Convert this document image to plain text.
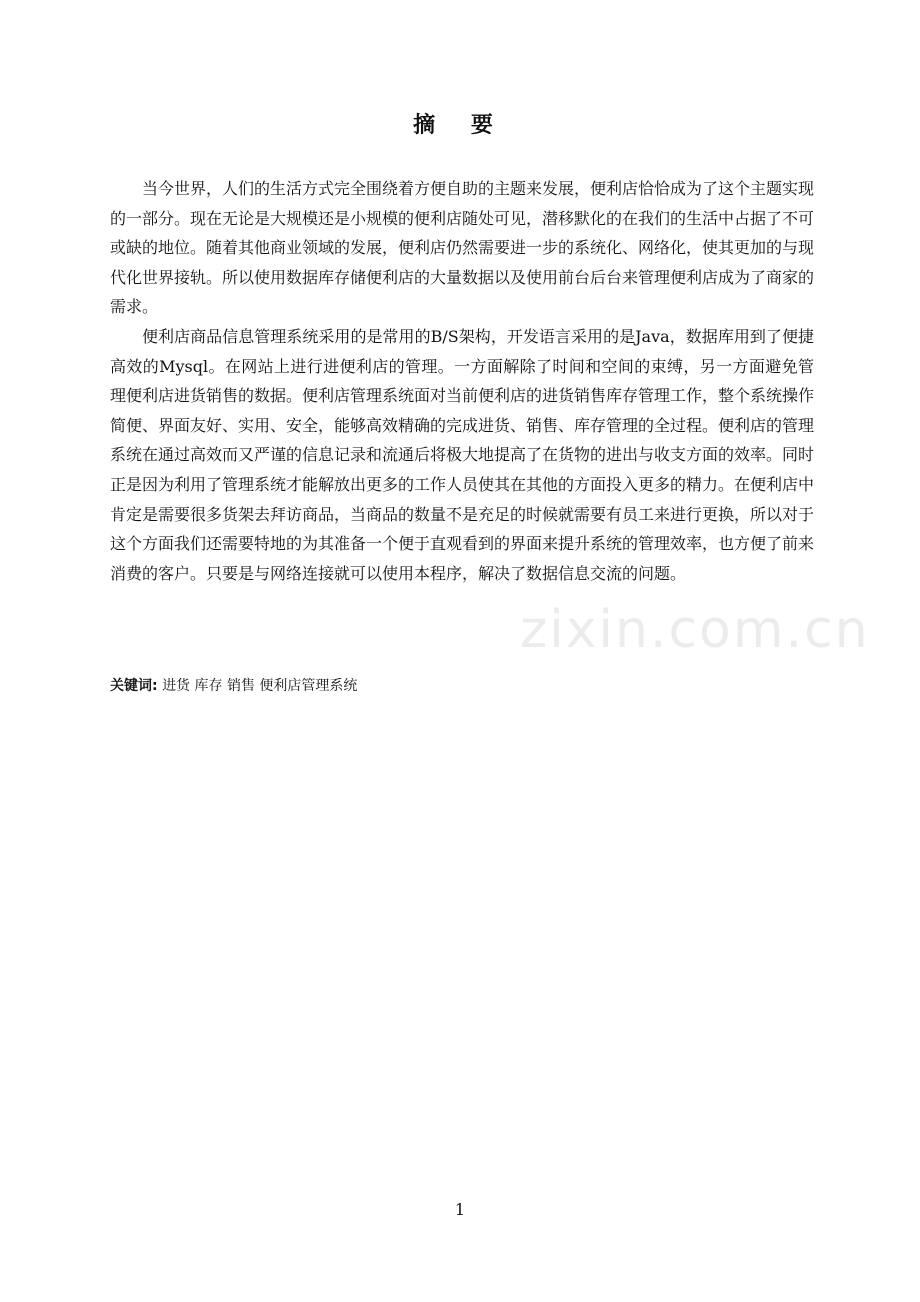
摘 要

当今世界，人们的生活方式完全围绕着方便自助的主题来发展，便利店恰恰成为了这个主题实现的一部分。现在无论是大规模还是小规模的便利店随处可见，潜移默化的在我们的生活中占据了不可或缺的地位。随着其他商业领域的发展，便利店仍然需要进一步的系统化、网络化，使其更加的与现代化世界接轨。所以使用数据库存储便利店的大量数据以及使用前台后台来管理便利店成为了商家的需求。

便利店商品信息管理系统采用的是常用的B/S架构，开发语言采用的是Java，数据库用到了便捷高效的Mysql。在网站上进行进便利店的管理。一方面解除了时间和空间的束缚，另一方面避免管理便利店进货销售的数据。便利店管理系统面对当前便利店的进货销售库存管理工作，整个系统操作简便、界面友好、实用、安全，能够高效精确的完成进货、销售、库存管理的全过程。便利店的管理系统在通过高效而又严谨的信息记录和流通后将极大地提高了在货物的进出与收支方面的效率。同时正是因为利用了管理系统才能解放出更多的工作人员使其在其他的方面投入更多的精力。在便利店中肯定是需要很多货架去拜访商品，当商品的数量不是充足的时候就需要有员工来进行更换，所以对于这个方面我们还需要特地的为其准备一个便于直观看到的界面来提升系统的管理效率，也方便了前来消费的客户。只要是与网络连接就可以使用本程序，解决了数据信息交流的问题。

关键词: 进货 库存 销售 便利店管理系统
zixin.com.cn
1
